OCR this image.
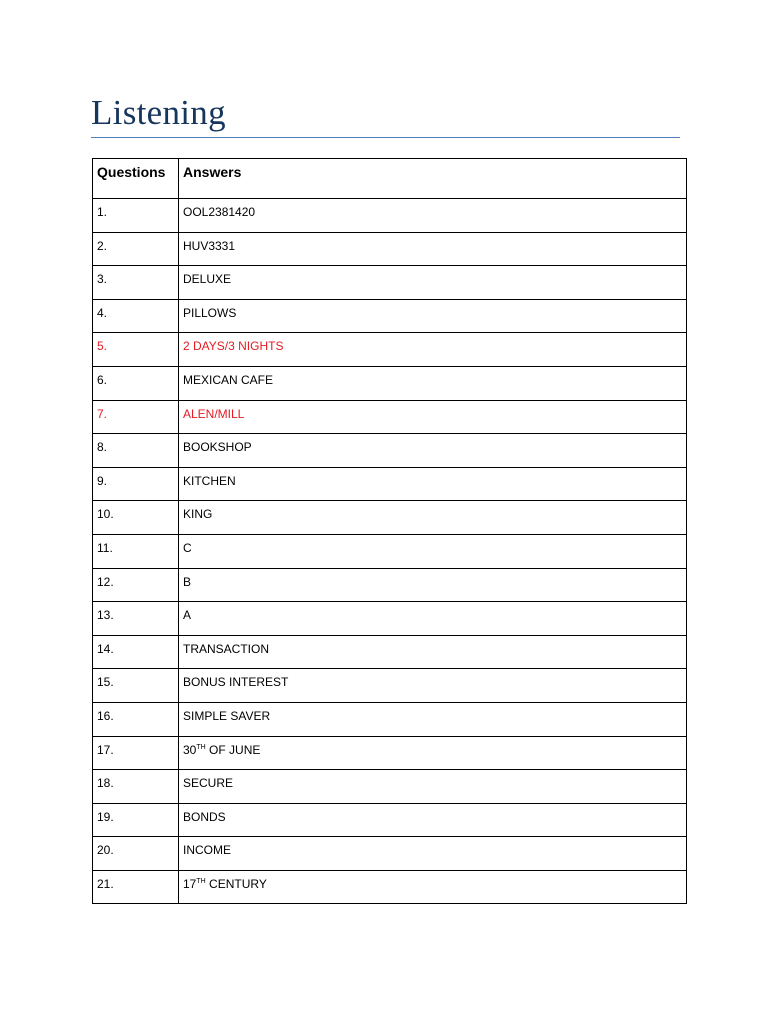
Listening
Questions	Answers
1.	OOL2381420
2.	HUV3331
3.	DELUXE
4.	PILLOWS
5.	2 DAYS/3 NIGHTS
6.	MEXICAN CAFE
7.	ALEN/MILL
8.	BOOKSHOP
9.	KITCHEN
10.	KING
11.	C
12.	B
13.	A
14.	TRANSACTION
15.	BONUS INTEREST
16.	SIMPLE SAVER
17.	30TH OF JUNE
18.	SECURE
19.	BONDS
20.	INCOME
21.	17TH CENTURY
